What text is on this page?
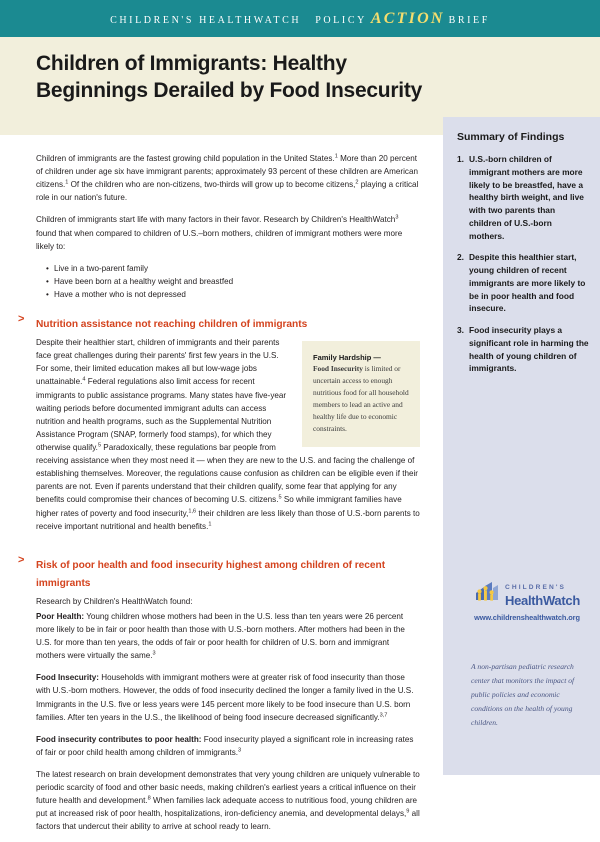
CHILDREN'S HEALTHWATCH POLICY ACTION BRIEF
Children of Immigrants: Healthy Beginnings Derailed by Food Insecurity
Summary of Findings
1. U.S.-born children of immigrant mothers are more likely to be breastfed, have a healthy birth weight, and live with two parents than children of U.S.-born mothers.
2. Despite this healthier start, young children of recent immigrants are more likely to be in poor health and food insecure.
3. Food insecurity plays a significant role in harming the health of young children of immigrants.
CHILDREN'S
HealthWatch
www.childrenshealthwatch.org
A non-partisan pediatric research center that monitors the impact of public policies and economic conditions on the health of young children.

Children of immigrants are the fastest growing child population in the United States.$^1$ More than 20 percent of children under age six have immigrant parents; approximately 93 percent of these children are American citizens.$^1$ Of the children who are non-citizens, two-thirds will grow up to become citizens,$^2$ playing a critical role in our nation's future.

Children of immigrants start life with many factors in their favor. Research by Children's HealthWatch$^3$ found that when compared to children of U.S.–born mothers, children of immigrant mothers were more likely to:

• Live in a two-parent family
• Have been born at a healthy weight and breastfed
• Have a mother who is not depressed
> Nutrition assistance not reaching children of immigrants
Family Hardship —
Food Insecurity is limited or uncertain access to enough nutritious food for all household members to lead an active and healthy life due to economic constraints.

Despite their healthier start, children of immigrants and their parents face great challenges during their parents' first few years in the U.S. For some, their limited education makes all but low-wage jobs unattainable.$^4$ Federal regulations also limit access for recent immigrants to public assistance programs. Many states have five-year waiting periods before documented immigrant adults can access nutrition and health programs, such as the Supplemental Nutrition Assistance Program (SNAP, formerly food stamps), for which they otherwise qualify.$^5$ Paradoxically, these regulations bar people from receiving assistance when they most need it — when they are new to the U.S. and facing the challenge of establishing themselves. Moreover, the regulations cause confusion as children can be eligible even if their parents are not. Even if parents understand that their children qualify, some fear that applying for any benefits could compromise their chances of becoming U.S. citizens.$^5$ So while immigrant families have higher rates of poverty and food insecurity,$^{1,6}$ their children are less likely than those of U.S.-born parents to receive important nutritional and health benefits.$^1$

> Risk of poor health and food insecurity highest among children of recent immigrants

Research by Children's HealthWatch found:

Poor Health: Young children whose mothers had been in the U.S. less than ten years were 26 percent more likely to be in fair or poor health than those with U.S.-born mothers. After mothers had been in the U.S. for more than ten years, the odds of fair or poor health for children of U.S. born and immigrant mothers were virtually the same.$^3$

Food Insecurity: Households with immigrant mothers were at greater risk of food insecurity than those with U.S.-born mothers. However, the odds of food insecurity declined the longer a family lived in the U.S. Immigrants in the U.S. five or less years were 145 percent more likely to be food insecure than U.S. born families. After ten years in the U.S., the likelihood of being food insecure decreased significantly.$^{3,7}$

Food insecurity contributes to poor health: Food insecurity played a significant role in increasing rates of fair or poor child health among children of immigrants.$^3$

The latest research on brain development demonstrates that very young children are uniquely vulnerable to periodic scarcity of food and other basic needs, making children's earliest years a critical influence on their future health and development.$^8$ When families lack adequate access to nutritious food, young children are put at increased risk of poor health, hospitalizations, iron-deficiency anemia, and developmental delays,$^9$ all factors that undercut their ability to arrive at school ready to learn.
